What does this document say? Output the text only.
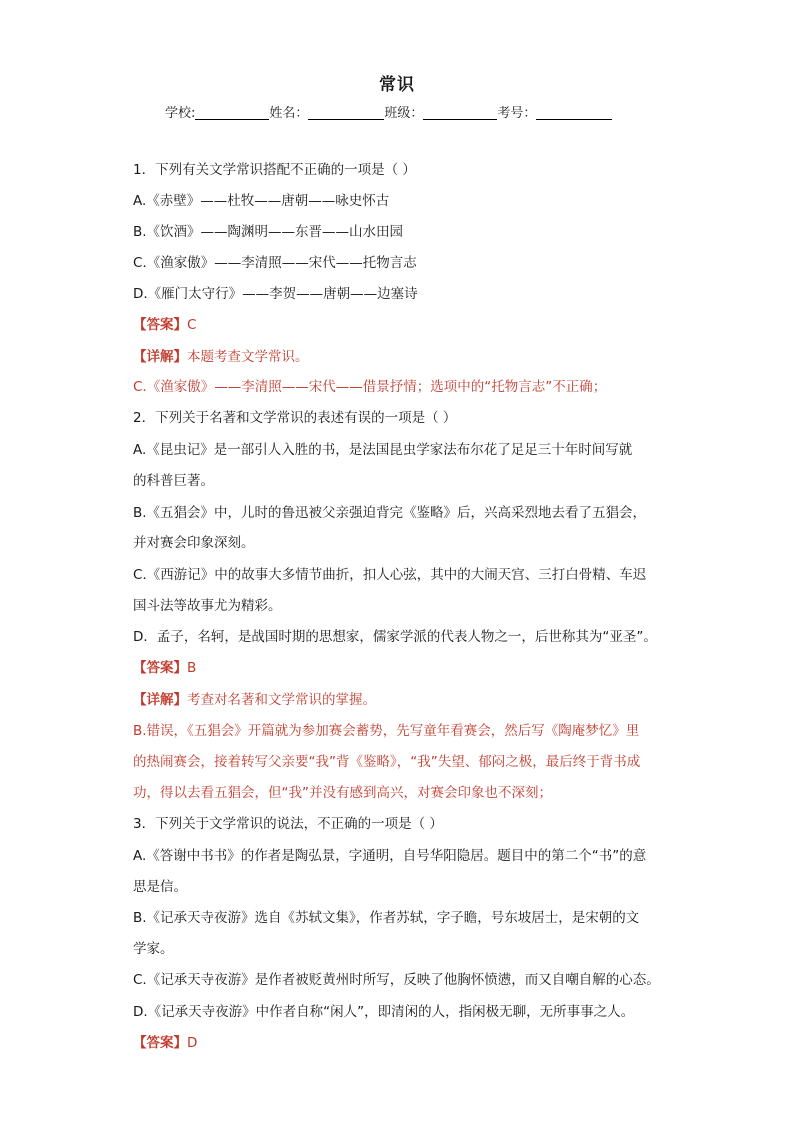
常识
学校:	姓名：	班级：	考号：
1．下列有关文学常识搭配不正确的一项是（ ）
A.《赤壁》——杜牧——唐朝——咏史怀古
B.《饮酒》——陶渊明——东晋——山水田园
C.《渔家傲》——李清照——宋代——托物言志
D.《雁门太守行》——李贺——唐朝——边塞诗
【答案】C
【详解】本题考查文学常识。
C.《渔家傲》——李清照——宋代——借景抒情；选项中的“托物言志”不正确；
2．下列关于名著和文学常识的表述有误的一项是（ ）
A.《昆虫记》是一部引人入胜的书，是法国昆虫学家法布尔花了足足三十年时间写就
的科普巨著。
B.《五猖会》中，儿时的鲁迅被父亲强迫背完《鉴略》后，兴高采烈地去看了五猖会，
并对赛会印象深刻。
C.《西游记》中的故事大多情节曲折，扣人心弦，其中的大闹天宫、三打白骨精、车迟
国斗法等故事尤为精彩。
D．孟子，名轲，是战国时期的思想家，儒家学派的代表人物之一，后世称其为“亚圣”。
【答案】B
【详解】考查对名著和文学常识的掌握。
B.错误，《五猖会》开篇就为参加赛会蓄势，先写童年看赛会，然后写《陶庵梦忆》里
的热闹赛会，接着转写父亲要“我”背《鉴略》，“我”失望、郁闷之极，最后终于背书成
功，得以去看五猖会，但“我”并没有感到高兴，对赛会印象也不深刻；
3．下列关于文学常识的说法，不正确的一项是（ ）
A.《答谢中书书》的作者是陶弘景，字通明，自号华阳隐居。题目中的第二个“书”的意
思是信。
B.《记承天寺夜游》选自《苏轼文集》，作者苏轼，字子瞻，号东坡居士，是宋朝的文
学家。
C.《记承天寺夜游》是作者被贬黄州时所写，反映了他胸怀愤懑，而又自嘲自解的心态。
D.《记承天寺夜游》中作者自称“闲人”，即清闲的人，指闲极无聊，无所事事之人。
【答案】D
